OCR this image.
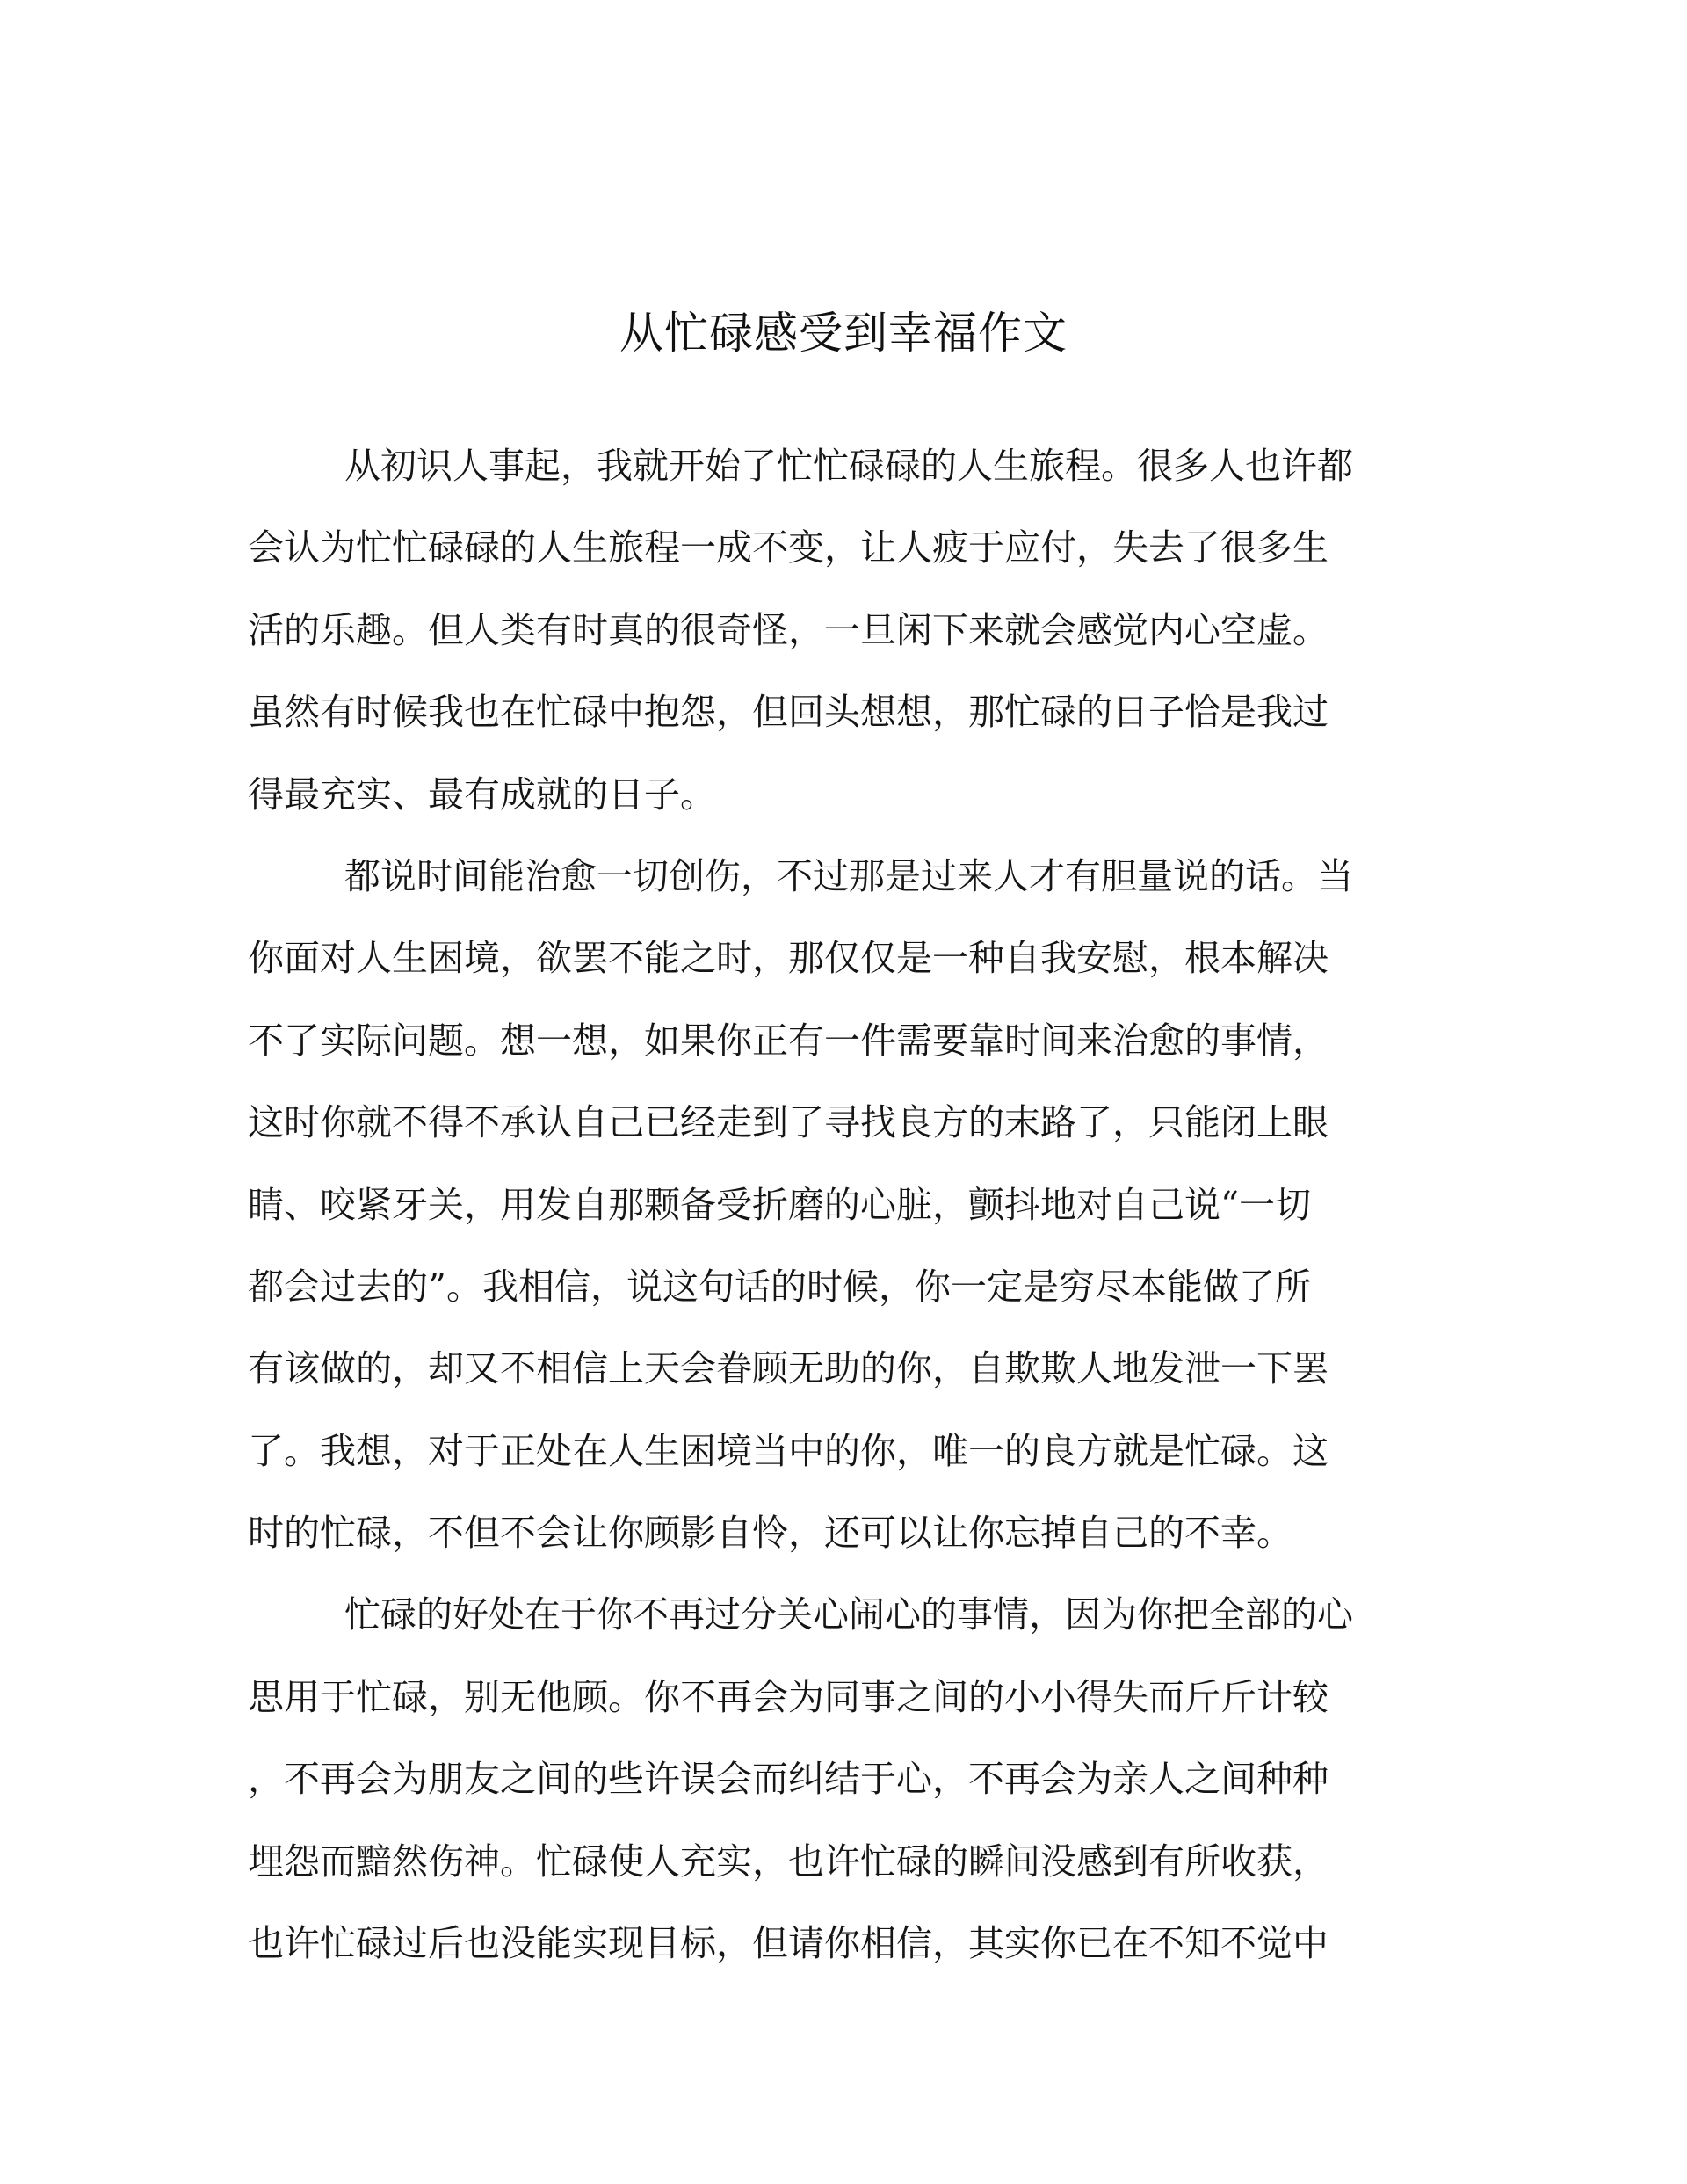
从忙碌感受到幸福作文
从初识人事起，我就开始了忙忙碌碌的人生旅程。很多人也许都
会认为忙忙碌碌的人生旅程一成不变，让人疲于应付，失去了很多生
活的乐趣。但人类有时真的很奇怪，一旦闲下来就会感觉内心空虚。
虽然有时候我也在忙碌中抱怨，但回头想想，那忙碌的日子恰是我过
得最充实、最有成就的日子。
都说时间能治愈一切创伤，不过那是过来人才有胆量说的话。当
你面对人生困境，欲罢不能之时，那仅仅是一种自我安慰，根本解决
不了实际问题。想一想，如果你正有一件需要靠时间来治愈的事情，
这时你就不得不承认自己已经走到了寻找良方的末路了，只能闭上眼
睛、咬紧牙关，用发自那颗备受折磨的心脏，颤抖地对自己说“一切
都会过去的”。我相信，说这句话的时候，你一定是穷尽本能做了所
有该做的，却又不相信上天会眷顾无助的你，自欺欺人地发泄一下罢
了。我想，对于正处在人生困境当中的你，唯一的良方就是忙碌。这
时的忙碌，不但不会让你顾影自怜，还可以让你忘掉自己的不幸。
忙碌的好处在于你不再过分关心闹心的事情，因为你把全部的心
思用于忙碌，别无他顾。你不再会为同事之间的小小得失而斤斤计较
，不再会为朋友之间的些许误会而纠结于心，不再会为亲人之间种种
埋怨而黯然伤神。忙碌使人充实，也许忙碌的瞬间没感到有所收获，
也许忙碌过后也没能实现目标，但请你相信，其实你已在不知不觉中
